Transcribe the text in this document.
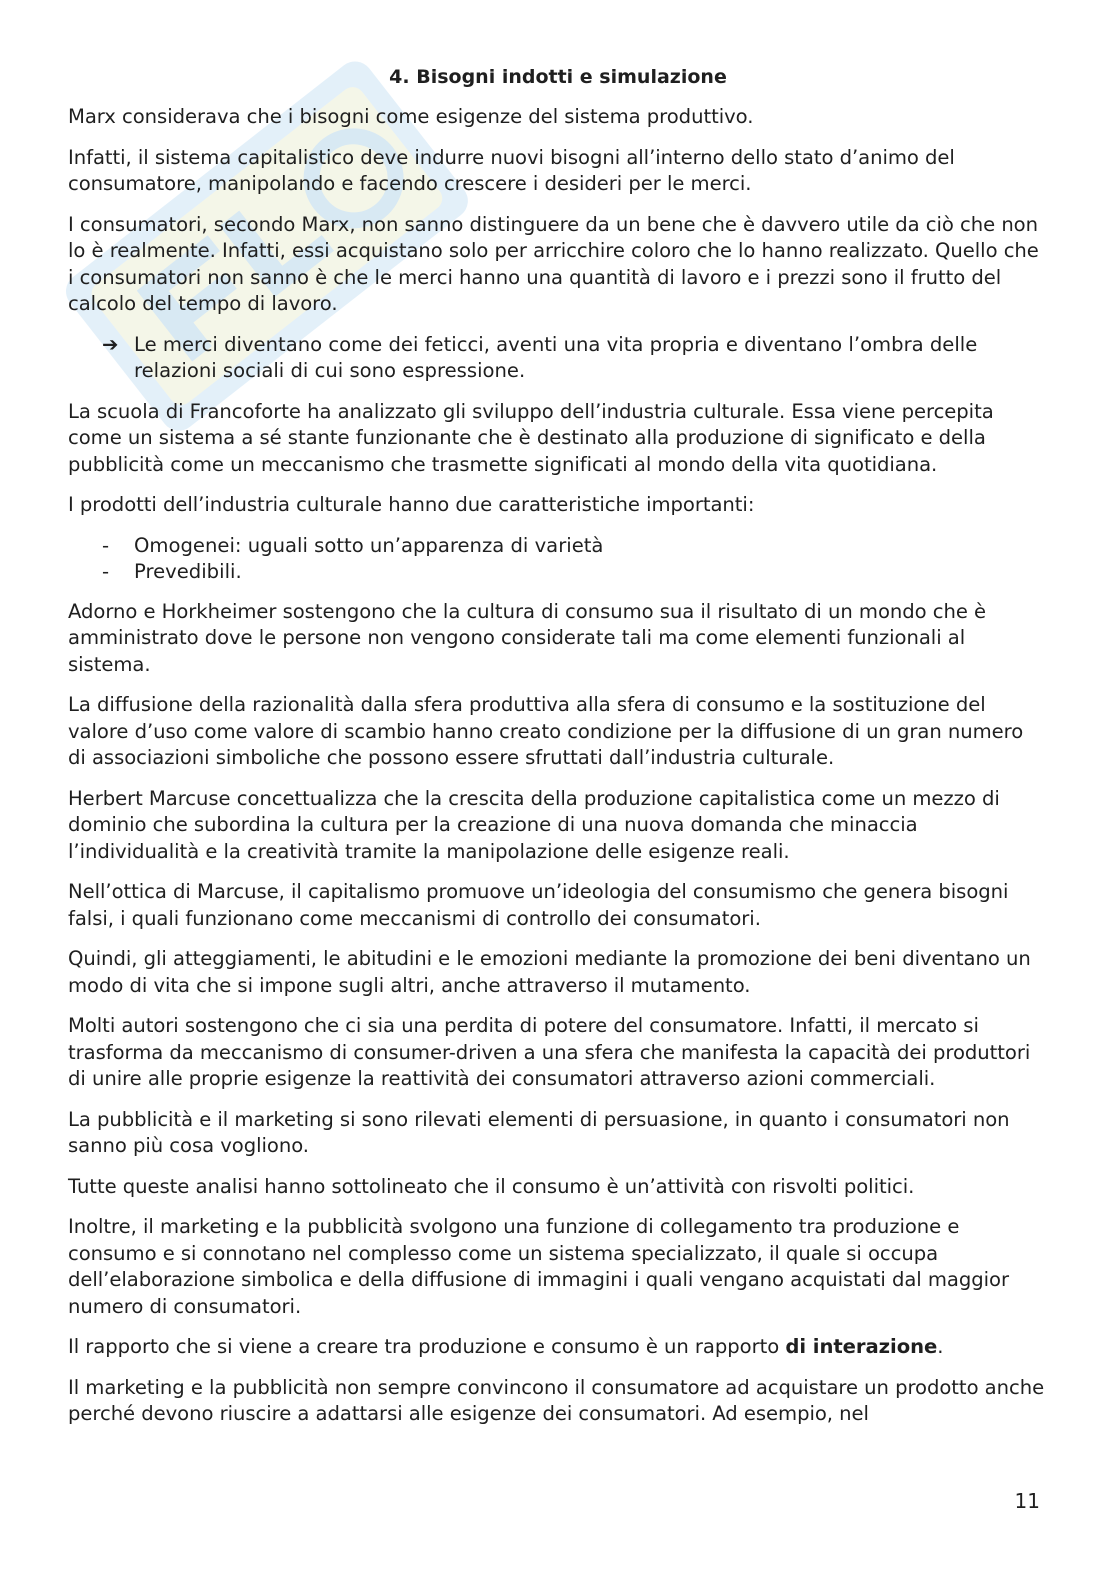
4. Bisogni indotti e simulazione

Marx considerava che i bisogni come esigenze del sistema produttivo.

Infatti, il sistema capitalistico deve indurre nuovi bisogni all’interno dello stato d’animo del consumatore, manipolando e facendo crescere i desideri per le merci.

I consumatori, secondo Marx, non sanno distinguere da un bene che è davvero utile da ciò che non lo è realmente. Infatti, essi acquistano solo per arricchire coloro che lo hanno realizzato. Quello che i consumatori non sanno è che le merci hanno una quantità di lavoro e i prezzi sono il frutto del calcolo del tempo di lavoro.

➔ Le merci diventano come dei feticci, aventi una vita propria e diventano l’ombra delle relazioni sociali di cui sono espressione.

La scuola di Francoforte ha analizzato gli sviluppo dell’industria culturale. Essa viene percepita come un sistema a sé stante funzionante che è destinato alla produzione di significato e della pubblicità come un meccanismo che trasmette significati al mondo della vita quotidiana.

I prodotti dell’industria culturale hanno due caratteristiche importanti:

-	Omogenei: uguali sotto un’apparenza di varietà
-	Prevedibili.

Adorno e Horkheimer sostengono che la cultura di consumo sua il risultato di un mondo che è amministrato dove le persone non vengono considerate tali ma come elementi funzionali al sistema.

La diffusione della razionalità dalla sfera produttiva alla sfera di consumo e la sostituzione del valore d’uso come valore di scambio hanno creato condizione per la diffusione di un gran numero di associazioni simboliche che possono essere sfruttati dall’industria culturale.

Herbert Marcuse concettualizza che la crescita della produzione capitalistica come un mezzo di dominio che subordina la cultura per la creazione di una nuova domanda che minaccia l’individualità e la creatività tramite la manipolazione delle esigenze reali.

Nell’ottica di Marcuse, il capitalismo promuove un’ideologia del consumismo che genera bisogni falsi, i quali funzionano come meccanismi di controllo dei consumatori.

Quindi, gli atteggiamenti, le abitudini e le emozioni mediante la promozione dei beni diventano un modo di vita che si impone sugli altri, anche attraverso il mutamento.

Molti autori sostengono che ci sia una perdita di potere del consumatore. Infatti, il mercato si trasforma da meccanismo di consumer-driven a una sfera che manifesta la capacità dei produttori di unire alle proprie esigenze la reattività dei consumatori attraverso azioni commerciali.

La pubblicità e il marketing si sono rilevati elementi di persuasione, in quanto i consumatori non sanno più cosa vogliono.

Tutte queste analisi hanno sottolineato che il consumo è un’attività con risvolti politici.

Inoltre, il marketing e la pubblicità svolgono una funzione di collegamento tra produzione e consumo e si connotano nel complesso come un sistema specializzato, il quale si occupa dell’elaborazione simbolica e della diffusione di immagini i quali vengano acquistati dal maggior numero di consumatori.

Il rapporto che si viene a creare tra produzione e consumo è un rapporto di interazione.

Il marketing e la pubblicità non sempre convincono il consumatore ad acquistare un prodotto anche perché devono riuscire a adattarsi alle esigenze dei consumatori. Ad esempio, nel

11
